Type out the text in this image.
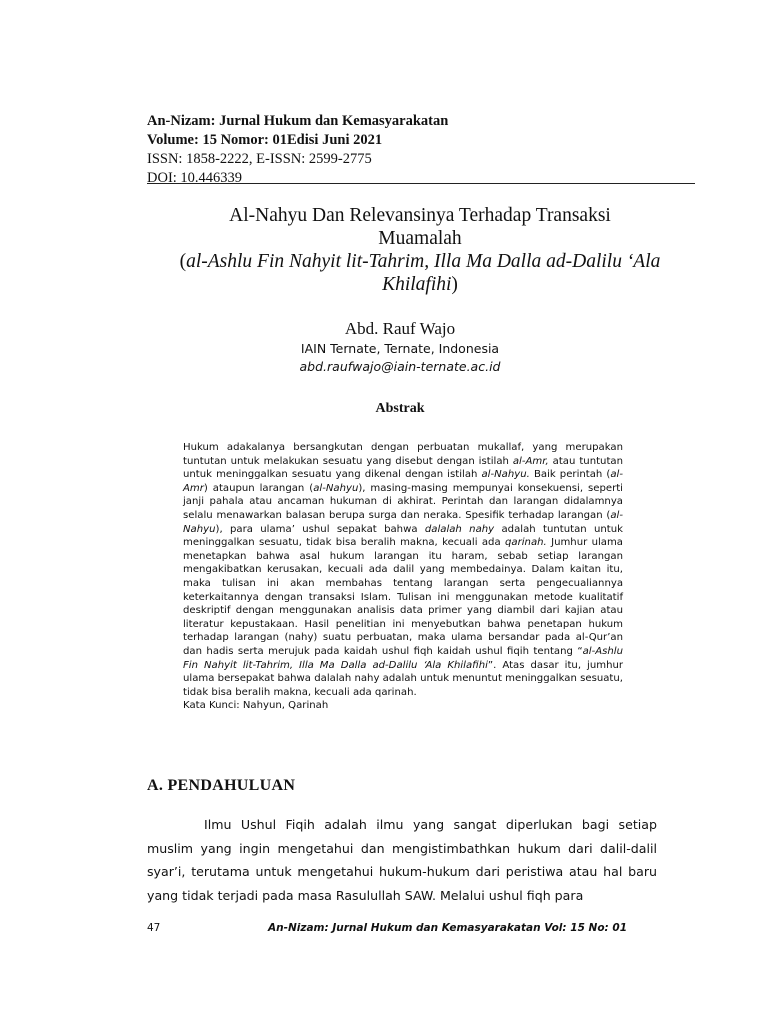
An-Nizam: Jurnal Hukum dan Kemasyarakatan
Volume: 15 Nomor: 01Edisi Juni 2021
ISSN: 1858-2222, E-ISSN: 2599-2775
DOI: 10.446339
Al-Nahyu Dan Relevansinya Terhadap Transaksi
Muamalah
(al-Ashlu Fin Nahyit lit-Tahrim, Illa Ma Dalla ad-Dalilu ‘Ala
Khilafihi)
Abd. Rauf Wajo
IAIN Ternate, Ternate, Indonesia
abd.raufwajo@iain-ternate.ac.id
Abstrak

Hukum adakalanya bersangkutan dengan perbuatan mukallaf, yang merupakan tuntutan untuk melakukan sesuatu yang disebut dengan istilah al-Amr, atau tuntutan untuk meninggalkan sesuatu yang dikenal dengan istilah al-Nahyu. Baik perintah (al-Amr) ataupun larangan (al-Nahyu), masing-masing mempunyai konsekuensi, seperti janji pahala atau ancaman hukuman di akhirat. Perintah dan larangan didalamnya selalu menawarkan balasan berupa surga dan neraka. Spesifik terhadap larangan (al-Nahyu), para ulama’ ushul sepakat bahwa dalalah nahy adalah tuntutan untuk meninggalkan sesuatu, tidak bisa beralih makna, kecuali ada qarinah. Jumhur ulama menetapkan bahwa asal hukum larangan itu haram, sebab setiap larangan mengakibatkan kerusakan, kecuali ada dalil yang membedainya. Dalam kaitan itu, maka tulisan ini akan membahas tentang larangan serta pengecualiannya keterkaitannya dengan transaksi Islam. Tulisan ini menggunakan metode kualitatif deskriptif dengan menggunakan analisis data primer yang diambil dari kajian atau literatur kepustakaan. Hasil penelitian ini menyebutkan bahwa penetapan hukum terhadap larangan (nahy) suatu perbuatan, maka ulama bersandar pada al-Qur’an dan hadis serta merujuk pada kaidah ushul fiqh kaidah ushul fiqih tentang “al-Ashlu Fin Nahyit lit-Tahrim, Illa Ma Dalla ad-Dalilu ‘Ala Khilafihi”. Atas dasar itu, jumhur ulama bersepakat bahwa dalalah nahy adalah untuk menuntut meninggalkan sesuatu, tidak bisa beralih makna, kecuali ada qarinah.

Kata Kunci: Nahyun, Qarinah

A. PENDAHULUAN

Ilmu Ushul Fiqih adalah ilmu yang sangat diperlukan bagi setiap muslim yang ingin mengetahui dan mengistimbathkan hukum dari dalil-dalil syar’i, terutama untuk mengetahui hukum-hukum dari peristiwa atau hal baru yang tidak terjadi pada masa Rasulullah SAW. Melalui ushul fiqh para

47	An-Nizam: Jurnal Hukum dan Kemasyarakatan Vol: 15 No: 01
